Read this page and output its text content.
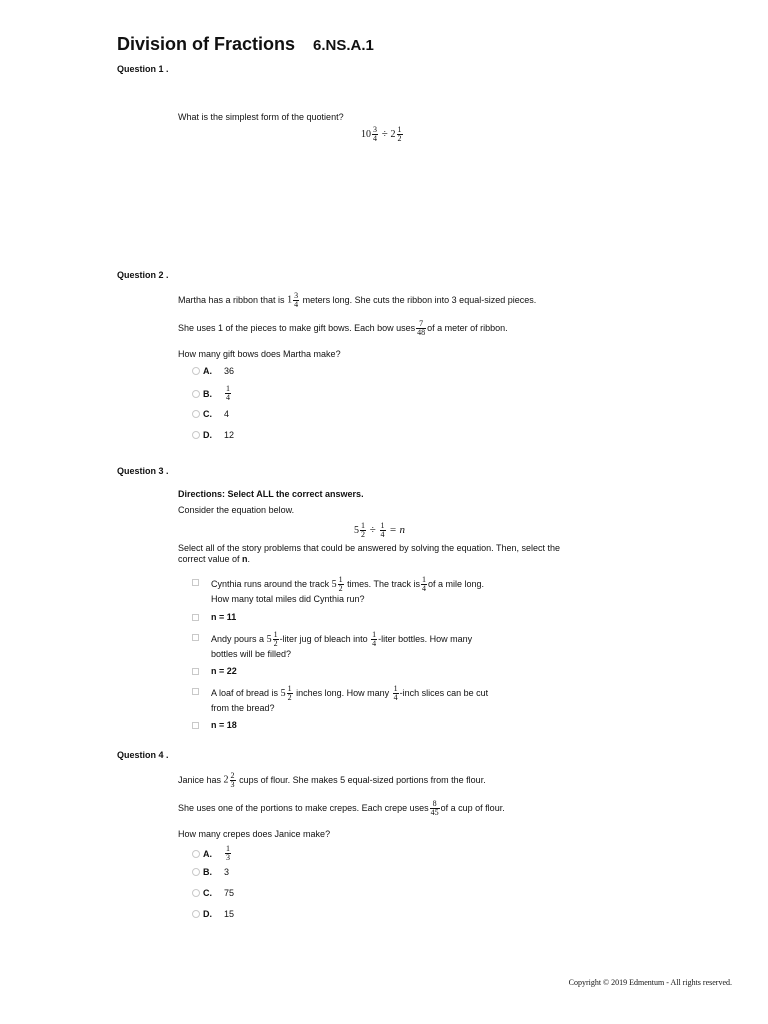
Division of Fractions 6.NS.A.1
Question 1 .

What is the simplest form of the quotient?

$10 \frac{3}{4} \div 2 \frac{1}{2}$
Question 2 .
Martha has a ribbon that is $1 \frac{3}{4}$ meters long. She cuts the ribbon into 3 equal-sized pieces.
She uses 1 of the pieces to make gift bows. Each bow uses $\frac{7}{48}$ of a meter of ribbon.
How many gift bows does Martha make?
A.	36
B.	$\frac{1}{4}$
C.	4
D.	12
Question 3 .
Directions: Select ALL the correct answers.
Consider the equation below.
$5 \frac{1}{2} \div \frac{1}{4} = n$
Select all of the story problems that could be answered by solving the equation. Then, select the correct value of n.
Cynthia runs around the track $5 \frac{1}{2}$ times. The track is $\frac{1}{4}$ of a mile long.
How many total miles did Cynthia run?
n = 11
Andy pours a $5 \frac{1}{2}$ -liter jug of bleach into $\frac{1}{4}$ -liter bottles. How many
bottles will be filled?
n = 22
A loaf of bread is $5 \frac{1}{2}$ inches long. How many $\frac{1}{4}$ -inch slices can be cut
from the bread?
n = 18
Question 4 .
Janice has $2 \frac{2}{3}$ cups of flour. She makes 5 equal-sized portions from the flour.
She uses one of the portions to make crepes. Each crepe uses $\frac{8}{45}$ of a cup of flour.
How many crepes does Janice make?
A.	$\frac{1}{3}$
B.	3
C.	75
D.	15
Copyright © 2019 Edmentum - All rights reserved.
